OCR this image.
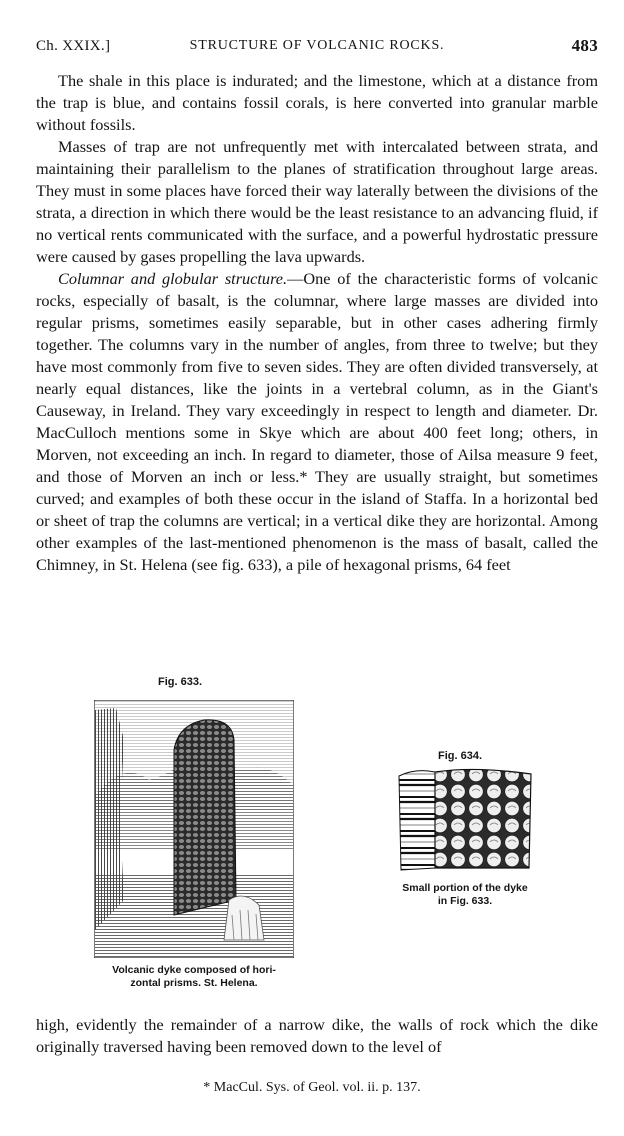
Ch. XXIX.]	STRUCTURE OF VOLCANIC ROCKS.	483

The shale in this place is indurated; and the limestone, which at a distance from the trap is blue, and contains fossil corals, is here converted into granular marble without fossils.

Masses of trap are not unfrequently met with intercalated between strata, and maintaining their parallelism to the planes of stratification throughout large areas. They must in some places have forced their way laterally between the divisions of the strata, a direction in which there would be the least resistance to an advancing fluid, if no vertical rents communicated with the surface, and a powerful hydrostatic pressure were caused by gases propelling the lava upwards.

Columnar and globular structure.—One of the characteristic forms of volcanic rocks, especially of basalt, is the columnar, where large masses are divided into regular prisms, sometimes easily separable, but in other cases adhering firmly together. The columns vary in the number of angles, from three to twelve; but they have most commonly from five to seven sides. They are often divided transversely, at nearly equal distances, like the joints in a vertebral column, as in the Giant's Causeway, in Ireland. They vary exceedingly in respect to length and diameter. Dr. MacCulloch mentions some in Skye which are about 400 feet long; others, in Morven, not exceeding an inch. In regard to diameter, those of Ailsa measure 9 feet, and those of Morven an inch or less.* They are usually straight, but sometimes curved; and examples of both these occur in the island of Staffa. In a horizontal bed or sheet of trap the columns are vertical; in a vertical dike they are horizontal. Among other examples of the last-mentioned phenomenon is the mass of basalt, called the Chimney, in St. Helena (see fig. 633), a pile of hexagonal prisms, 64 feet

Fig. 633.
Volcanic dyke composed of hori-
zontal prisms. St. Helena.
Fig. 634.
Small portion of the dyke
in Fig. 633.

high, evidently the remainder of a narrow dike, the walls of rock which the dike originally traversed having been removed down to the level of

* MacCul. Sys. of Geol. vol. ii. p. 137.
